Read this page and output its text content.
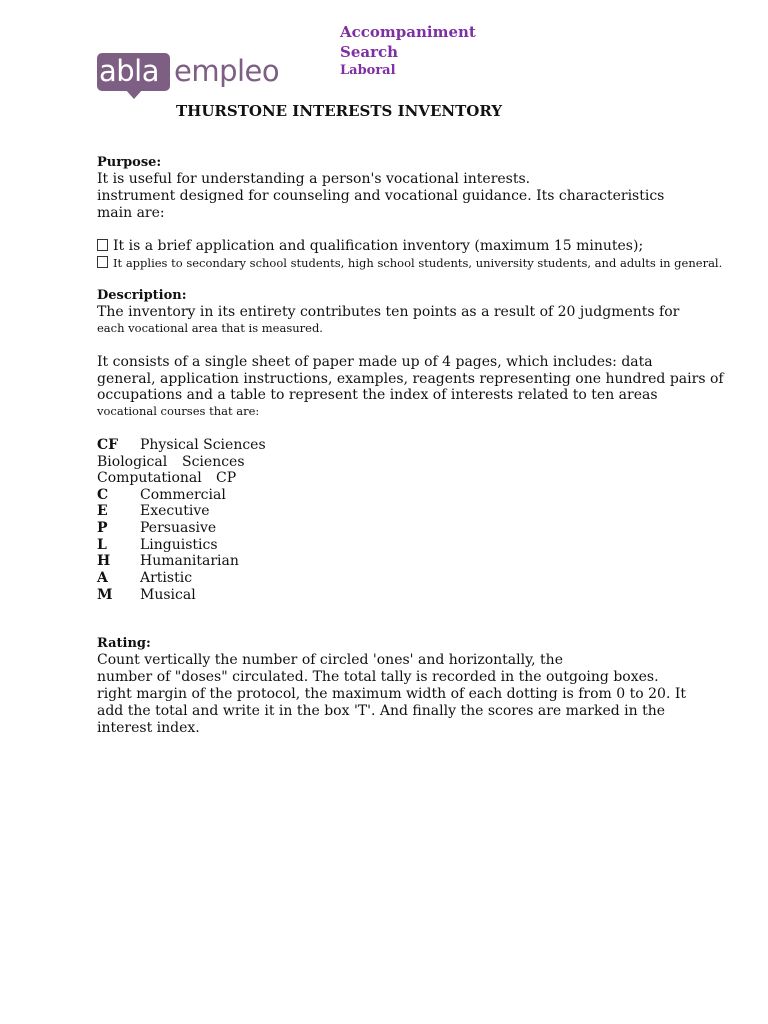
abla empleo
Accompaniment
Search
Laboral
THURSTONE INTERESTS INVENTORY
Purpose:
It is useful for understanding a person's vocational interests.
instrument designed for counseling and vocational guidance. Its characteristics
main are:
It is a brief application and qualification inventory (maximum 15 minutes);
It applies to secondary school students, high school students, university students, and adults in general.
Description:
The inventory in its entirety contributes ten points as a result of 20 judgments for
each vocational area that is measured.
It consists of a single sheet of paper made up of 4 pages, which includes: data
general, application instructions, examples, reagents representing one hundred pairs of
occupations and a table to represent the index of interests related to ten areas
vocational courses that are:
CF Physical Sciences
Biological Sciences
Computational CP
C Commercial
E Executive
P Persuasive
L Linguistics
H Humanitarian
A Artistic
M Musical
Rating:
Count vertically the number of circled 'ones' and horizontally, the
number of "doses" circulated. The total tally is recorded in the outgoing boxes.
right margin of the protocol, the maximum width of each dotting is from 0 to 20. It
add the total and write it in the box 'T'. And finally the scores are marked in the
interest index.
